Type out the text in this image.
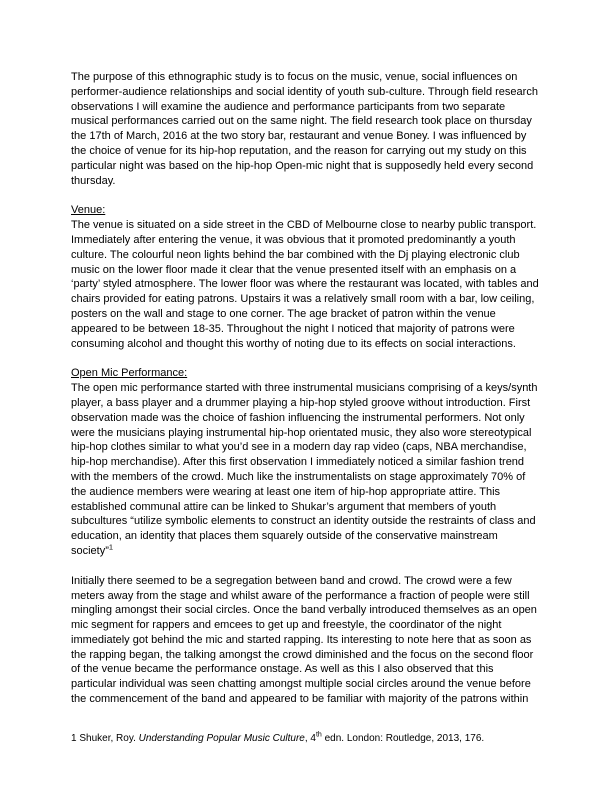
The purpose of this ethnographic study is to focus on the music, venue, social influences on performer-audience relationships and social identity of youth sub-culture. Through field research observations I will examine the audience and performance participants from two separate musical performances carried out on the same night. The field research took place on thursday the 17th of March, 2016 at the two story bar, restaurant and venue Boney. I was influenced by the choice of venue for its hip-hop reputation, and the reason for carrying out my study on this particular night was based on the hip-hop Open-mic night that is supposedly held every second thursday.

Venue:

The venue is situated on a side street in the CBD of Melbourne close to nearby public transport. Immediately after entering the venue, it was obvious that it promoted predominantly a youth culture. The colourful neon lights behind the bar combined with the Dj playing electronic club music on the lower floor made it clear that the venue presented itself with an emphasis on a ‘party’ styled atmosphere. The lower floor was where the restaurant was located, with tables and chairs provided for eating patrons. Upstairs it was a relatively small room with a bar, low ceiling, posters on the wall and stage to one corner. The age bracket of patron within the venue appeared to be between 18-35. Throughout the night I noticed that majority of patrons were consuming alcohol and thought this worthy of noting due to its effects on social interactions.

Open Mic Performance:

The open mic performance started with three instrumental musicians comprising of a keys/synth player, a bass player and a drummer playing a hip-hop styled groove without introduction. First observation made was the choice of fashion influencing the instrumental performers. Not only were the musicians playing instrumental hip-hop orientated music, they also wore stereotypical hip-hop clothes similar to what you’d see in a modern day rap video (caps, NBA merchandise, hip-hop merchandise). After this first observation I immediately noticed a similar fashion trend with the members of the crowd. Much like the instrumentalists on stage approximately 70% of the audience members were wearing at least one item of hip-hop appropriate attire. This established communal attire can be linked to Shukar’s argument that members of youth subcultures “utilize symbolic elements to construct an identity outside the restraints of class and education, an identity that places them squarely outside of the conservative mainstream society”$^1$

Initially there seemed to be a segregation between band and crowd. The crowd were a few meters away from the stage and whilst aware of the performance a fraction of people were still mingling amongst their social circles. Once the band verbally introduced themselves as an open mic segment for rappers and emcees to get up and freestyle, the coordinator of the night immediately got behind the mic and started rapping. Its interesting to note here that as soon as the rapping began, the talking amongst the crowd diminished and the focus on the second floor of the venue became the performance onstage. As well as this I also observed that this particular individual was seen chatting amongst multiple social circles around the venue before the commencement of the band and appeared to be familiar with majority of the patrons within

1 Shuker, Roy. Understanding Popular Music Culture, 4th edn. London: Routledge, 2013, 176.
